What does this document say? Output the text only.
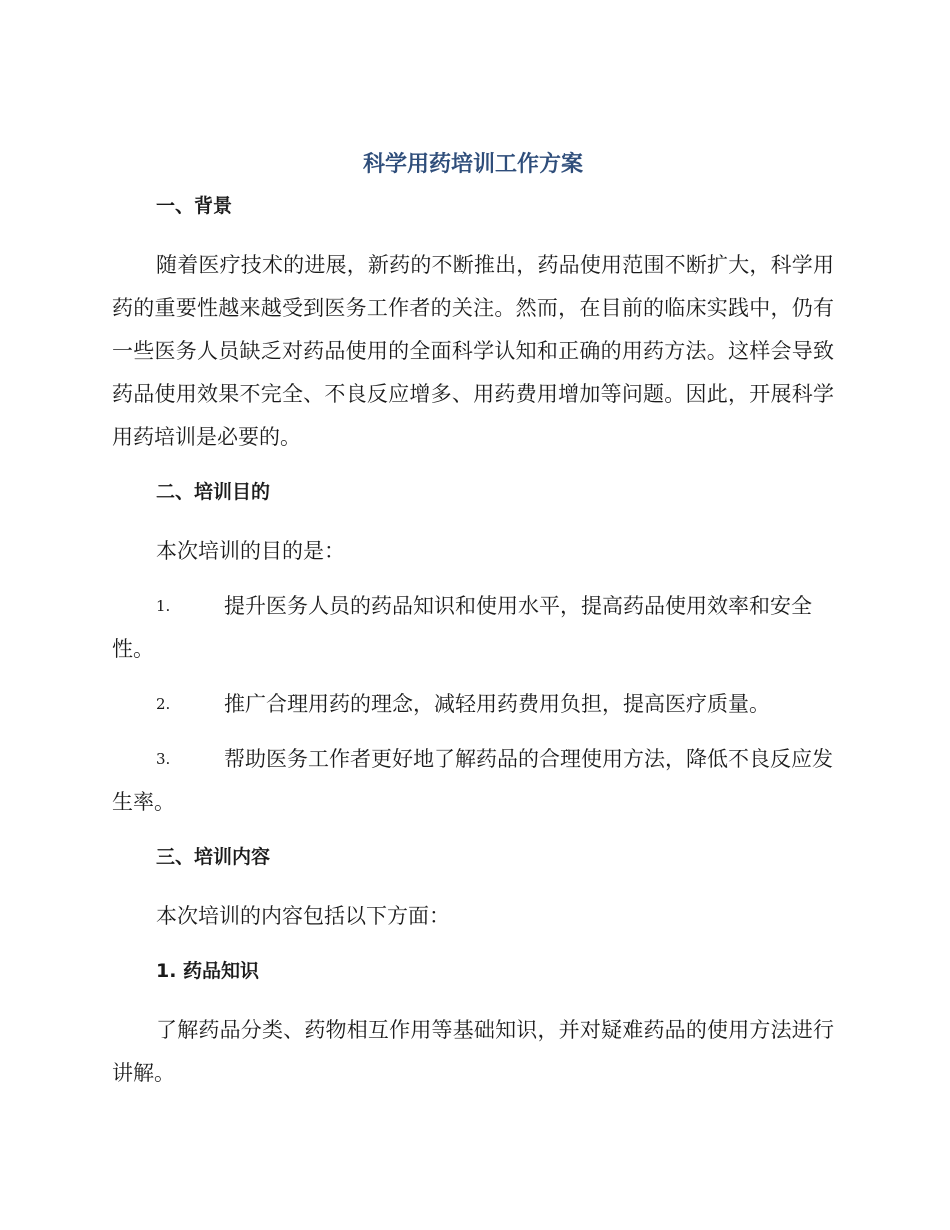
科学用药培训工作方案
一、背景

随着医疗技术的进展，新药的不断推出，药品使用范围不断扩大，科学用药的重要性越来越受到医务工作者的关注。然而，在目前的临床实践中，仍有一些医务人员缺乏对药品使用的全面科学认知和正确的用药方法。这样会导致药品使用效果不完全、不良反应增多、用药费用增加等问题。因此，开展科学用药培训是必要的。

二、培训目的

本次培训的目的是：

1.	提升医务人员的药品知识和使用水平，提高药品使用效率和安全性。

2.	推广合理用药的理念，减轻用药费用负担，提高医疗质量。

3.	帮助医务工作者更好地了解药品的合理使用方法，降低不良反应发生率。

三、培训内容

本次培训的内容包括以下方面：

1. 药品知识

了解药品分类、药物相互作用等基础知识，并对疑难药品的使用方法进行讲解。
